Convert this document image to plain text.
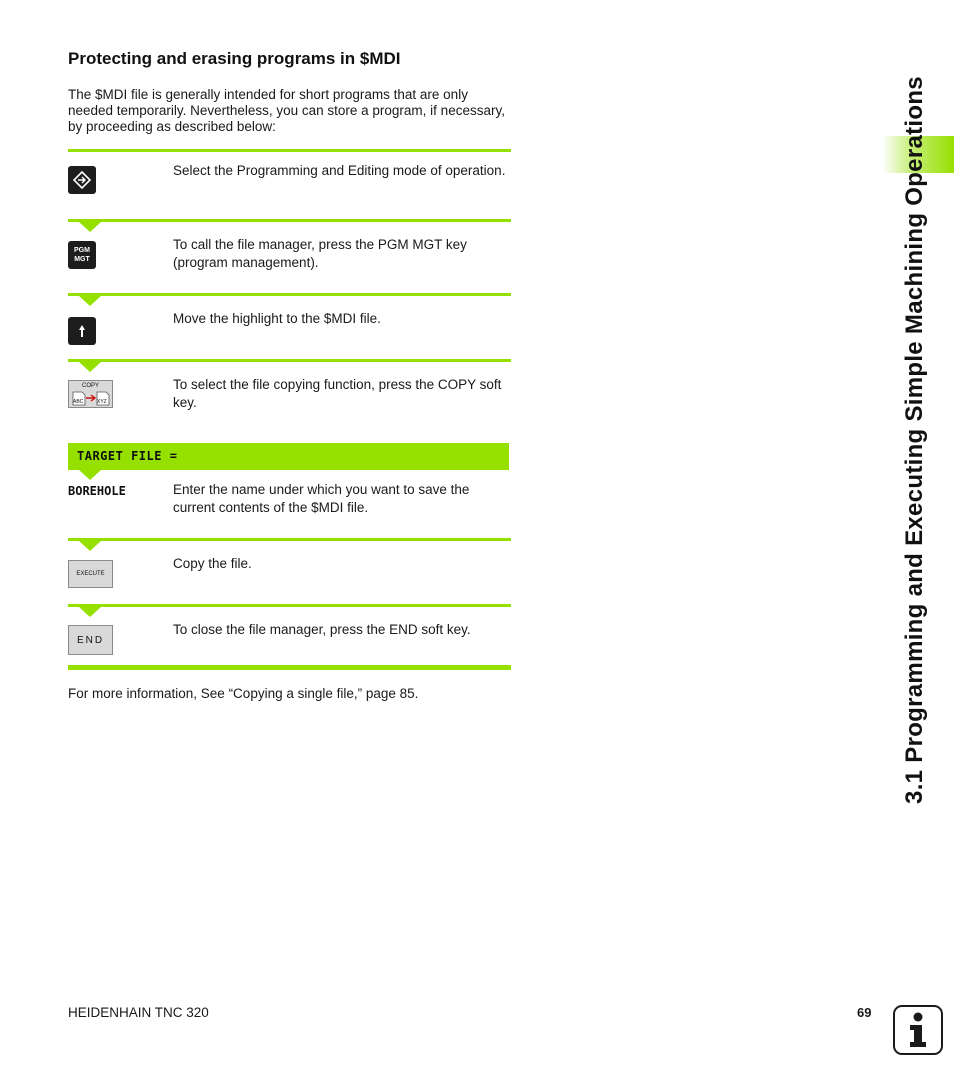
Protecting and erasing programs in $MDI
The $MDI file is generally intended for short programs that are only needed temporarily. Nevertheless, you can store a program, if necessary, by proceeding as described below:
Select the Programming and Editing mode of operation.
PGM
MGT
To call the file manager, press the PGM MGT key (program management).
Move the highlight to the $MDI file.
COPY
ABC	XYZ
To select the file copying function, press the COPY soft key.
TARGET FILE =
BOREHOLE	Enter the name under which you want to save the current contents of the $MDI file.
EXECUTE
Copy the file.
END
To close the file manager, press the END soft key.
For more information, See “Copying a single file,” page 85.	3.1 Programming and Executing Simple Machining Operations
HEIDENHAIN TNC 320	69
